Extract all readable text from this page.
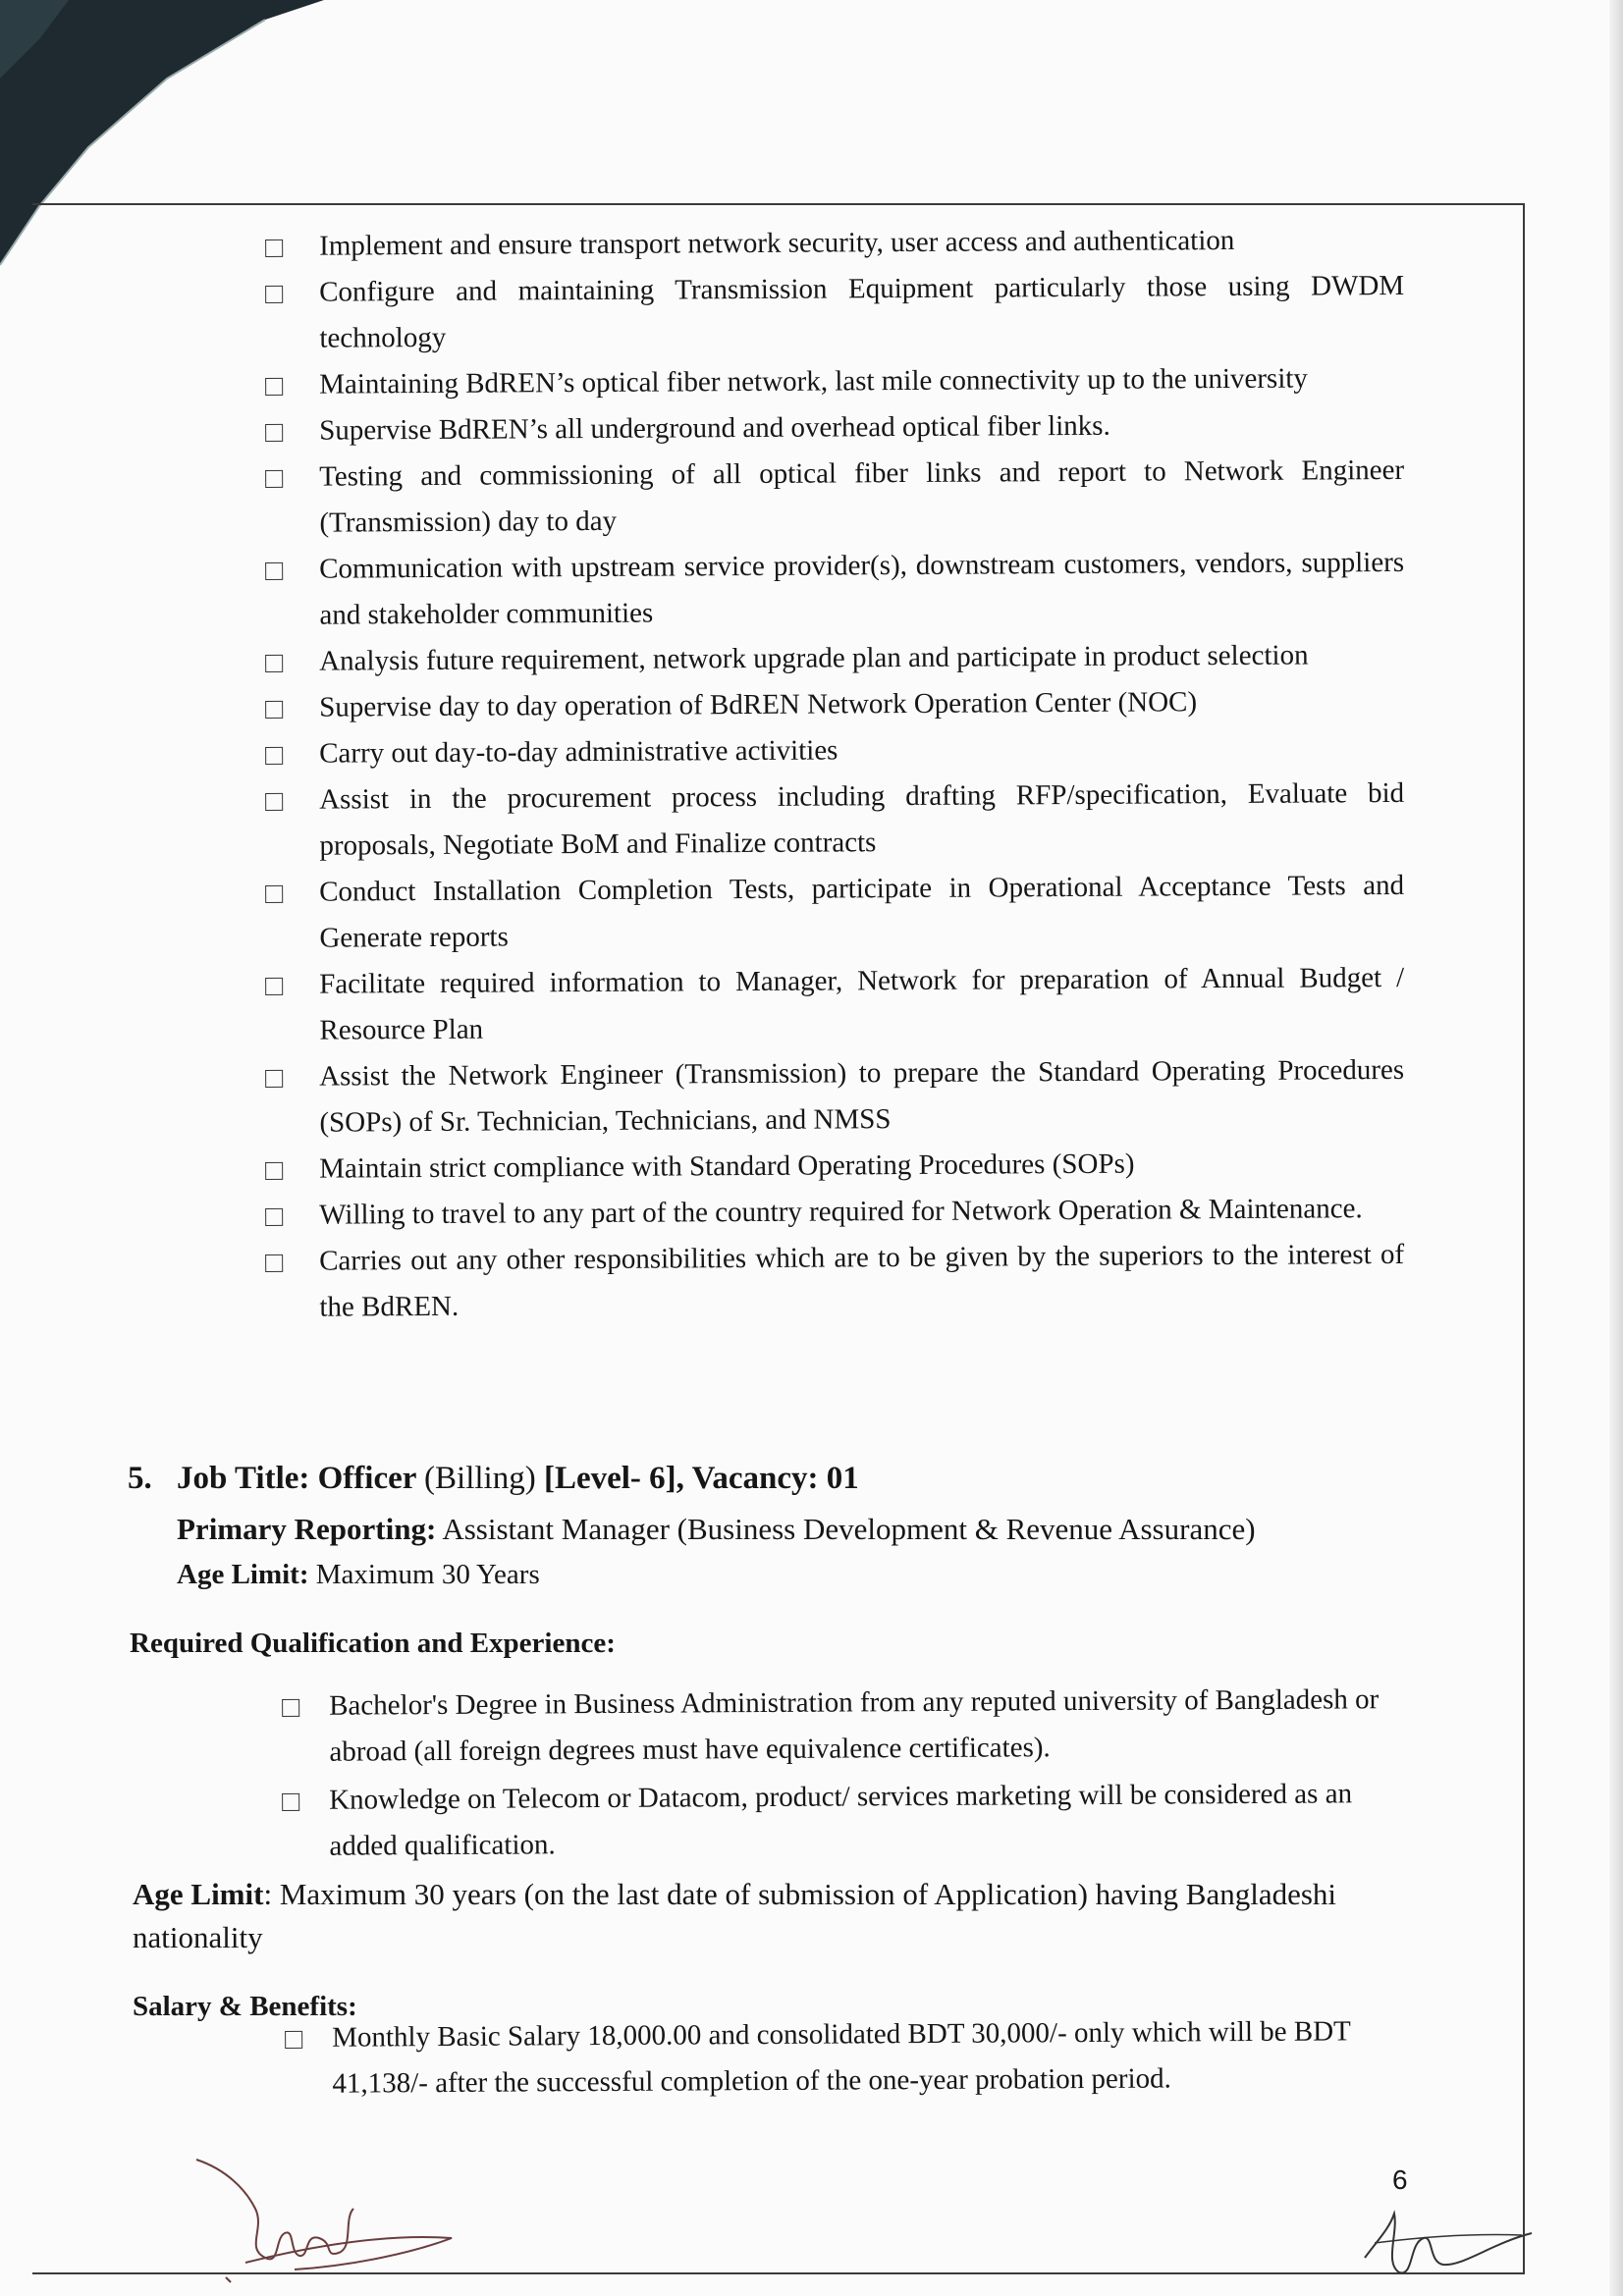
Implement and ensure transport network security, user access and authentication
Configure and maintaining Transmission Equipment particularly those using DWDM technology
Maintaining BdREN’s optical fiber network, last mile connectivity up to the university
Supervise BdREN’s all underground and overhead optical fiber links.
Testing and commissioning of all optical fiber links and report to Network Engineer (Transmission) day to day
Communication with upstream service provider(s), downstream customers, vendors, suppliers and stakeholder communities
Analysis future requirement, network upgrade plan and participate in product selection
Supervise day to day operation of BdREN Network Operation Center (NOC)
Carry out day-to-day administrative activities
Assist in the procurement process including drafting RFP/specification, Evaluate bid proposals, Negotiate BoM and Finalize contracts
Conduct Installation Completion Tests, participate in Operational Acceptance Tests and Generate reports
Facilitate required information to Manager, Network for preparation of Annual Budget / Resource Plan
Assist the Network Engineer (Transmission) to prepare the Standard Operating Procedures (SOPs) of Sr. Technician, Technicians, and NMSS
Maintain strict compliance with Standard Operating Procedures (SOPs)
Willing to travel to any part of the country required for Network Operation & Maintenance.
Carries out any other responsibilities which are to be given by the superiors to the interest of the BdREN.
5. Job Title: Officer (Billing) [Level- 6], Vacancy: 01
Primary Reporting: Assistant Manager (Business Development & Revenue Assurance)
Age Limit: Maximum 30 Years
Required Qualification and Experience:
Bachelor's Degree in Business Administration from any reputed university of Bangladesh or abroad (all foreign degrees must have equivalence certificates).
Knowledge on Telecom or Datacom, product/ services marketing will be considered as an added qualification.
Age Limit: Maximum 30 years (on the last date of submission of Application) having Bangladeshi nationality
Salary & Benefits:
Monthly Basic Salary 18,000.00 and consolidated BDT 30,000/- only which will be BDT 41,138/- after the successful completion of the one-year probation period.
6
